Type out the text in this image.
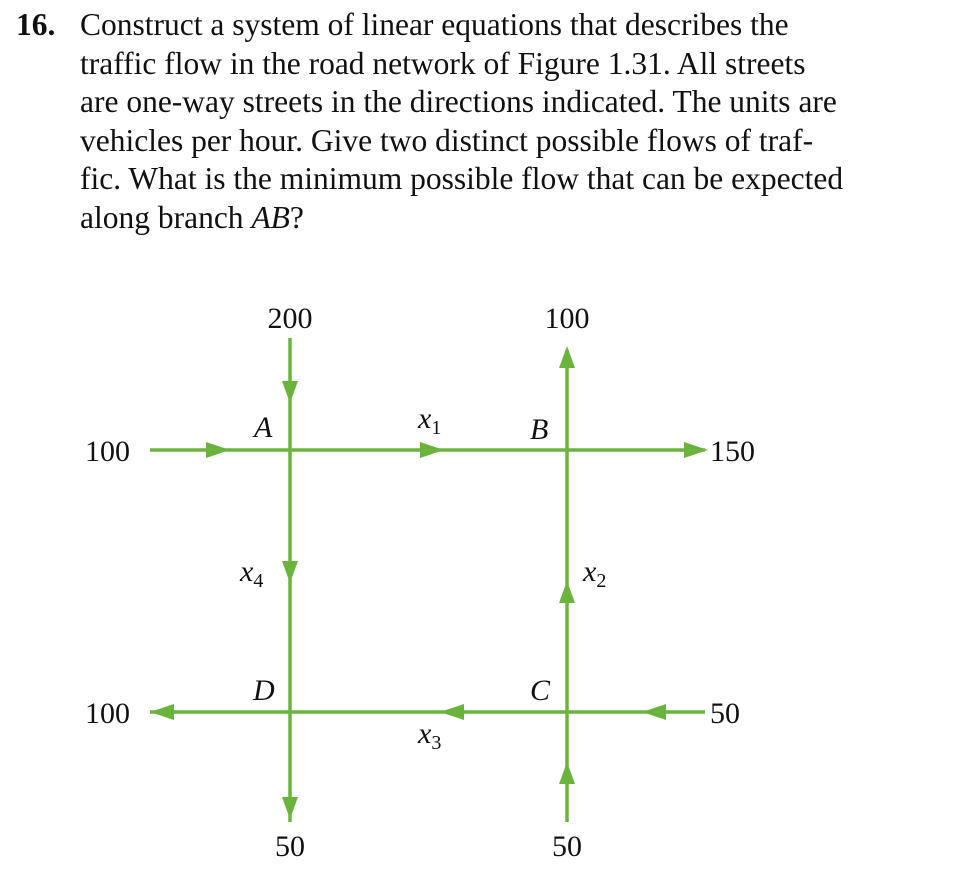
16. Construct a system of linear equations that describes the
traffic flow in the road network of Figure 1.31. All streets
are one-way streets in the directions indicated. The units are
vehicles per hour. Give two distinct possible flows of traf-
fic. What is the minimum possible flow that can be expected
along branch AB?
200	100
100	150
100	50
50	50
A	B
C
D
$x_1$
$x_2$
$x_3$
$x_4$
